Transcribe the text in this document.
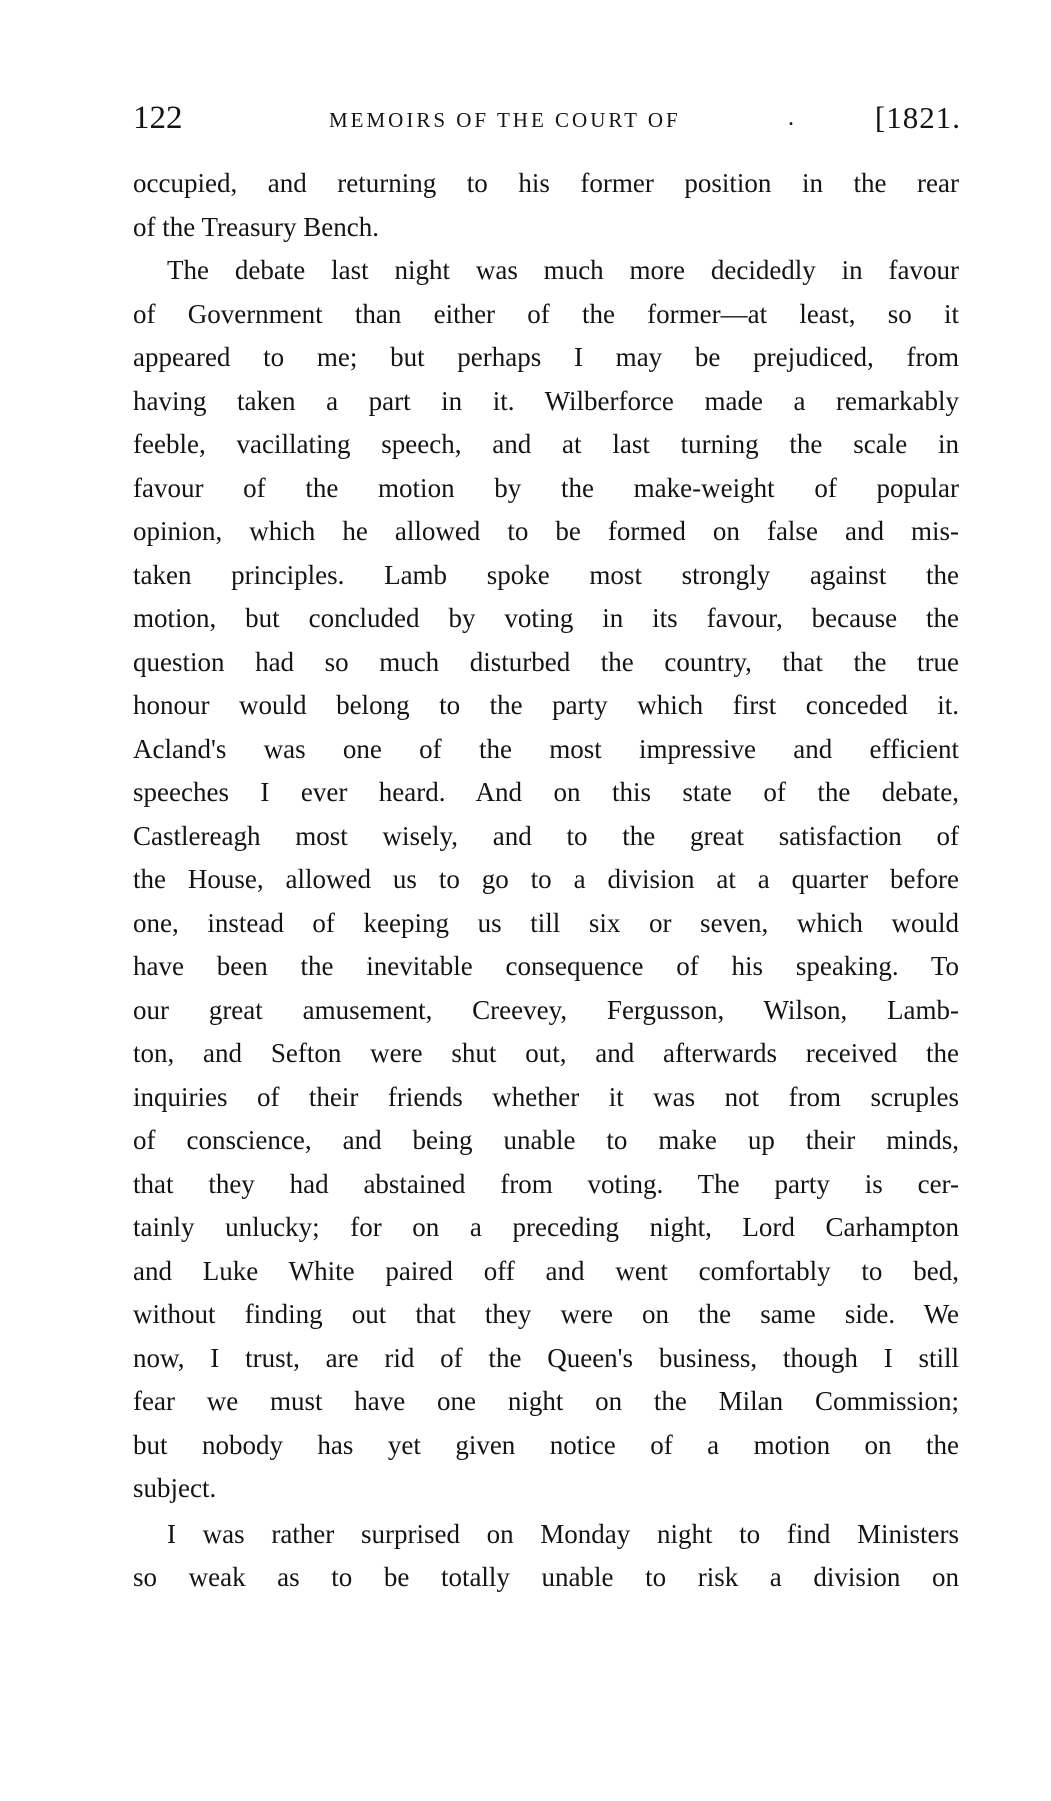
122	MEMOIRS OF THE COURT OF	.	[1821.

occupied, and returning to his former position in the rear
of the Treasury Bench.

The debate last night was much more decidedly in favour
of Government than either of the former—at least, so it
appeared to me; but perhaps I may be prejudiced, from
having taken a part in it. Wilberforce made a remarkably
feeble, vacillating speech, and at last turning the scale in
favour of the motion by the make-weight of popular
opinion, which he allowed to be formed on false and mis-
taken principles. Lamb spoke most strongly against the
motion, but concluded by voting in its favour, because the
question had so much disturbed the country, that the true
honour would belong to the party which first conceded it.
Acland's was one of the most impressive and efficient
speeches I ever heard. And on this state of the debate,
Castlereagh most wisely, and to the great satisfaction of
the House, allowed us to go to a division at a quarter before
one, instead of keeping us till six or seven, which would
have been the inevitable consequence of his speaking. To
our great amusement, Creevey, Fergusson, Wilson, Lamb-
ton, and Sefton were shut out, and afterwards received the
inquiries of their friends whether it was not from scruples
of conscience, and being unable to make up their minds,
that they had abstained from voting. The party is cer-
tainly unlucky; for on a preceding night, Lord Carhampton
and Luke White paired off and went comfortably to bed,
without finding out that they were on the same side. We
now, I trust, are rid of the Queen's business, though I still
fear we must have one night on the Milan Commission;
but nobody has yet given notice of a motion on the
subject.

I was rather surprised on Monday night to find Ministers
so weak as to be totally unable to risk a division on
